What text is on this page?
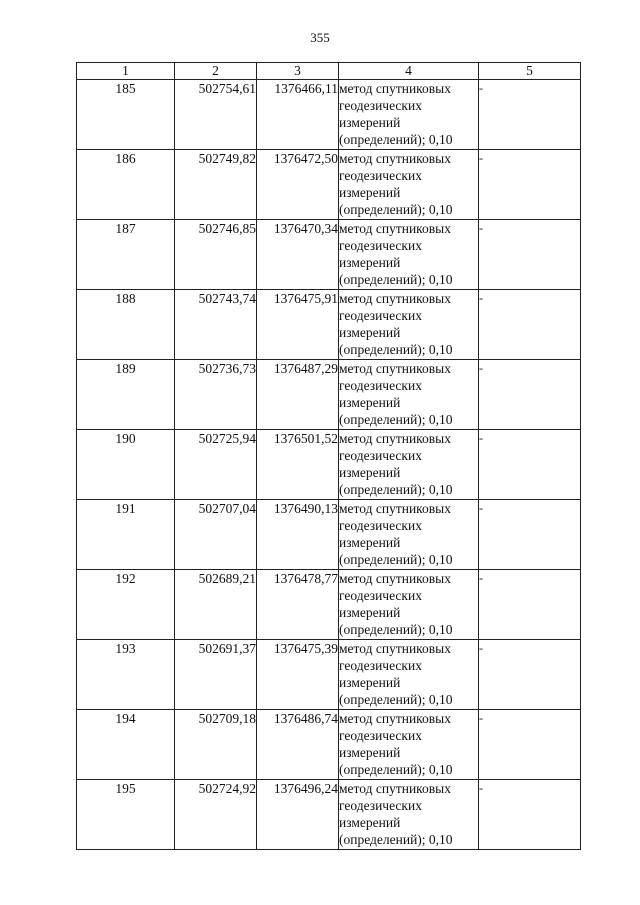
355
1	2	3	4	5
185	502754,61	1376466,11	метод спутниковых
геодезических
измерений
(определений); 0,10	-
186	502749,82	1376472,50	метод спутниковых
геодезических
измерений
(определений); 0,10	-
187	502746,85	1376470,34	метод спутниковых
геодезических
измерений
(определений); 0,10	-
188	502743,74	1376475,91	метод спутниковых
геодезических
измерений
(определений); 0,10	-
189	502736,73	1376487,29	метод спутниковых
геодезических
измерений
(определений); 0,10	-
190	502725,94	1376501,52	метод спутниковых
геодезических
измерений
(определений); 0,10	-
191	502707,04	1376490,13	метод спутниковых
геодезических
измерений
(определений); 0,10	-
192	502689,21	1376478,77	метод спутниковых
геодезических
измерений
(определений); 0,10	-
193	502691,37	1376475,39	метод спутниковых
геодезических
измерений
(определений); 0,10	-
194	502709,18	1376486,74	метод спутниковых
геодезических
измерений
(определений); 0,10	-
195	502724,92	1376496,24	метод спутниковых
геодезических
измерений
(определений); 0,10	-
